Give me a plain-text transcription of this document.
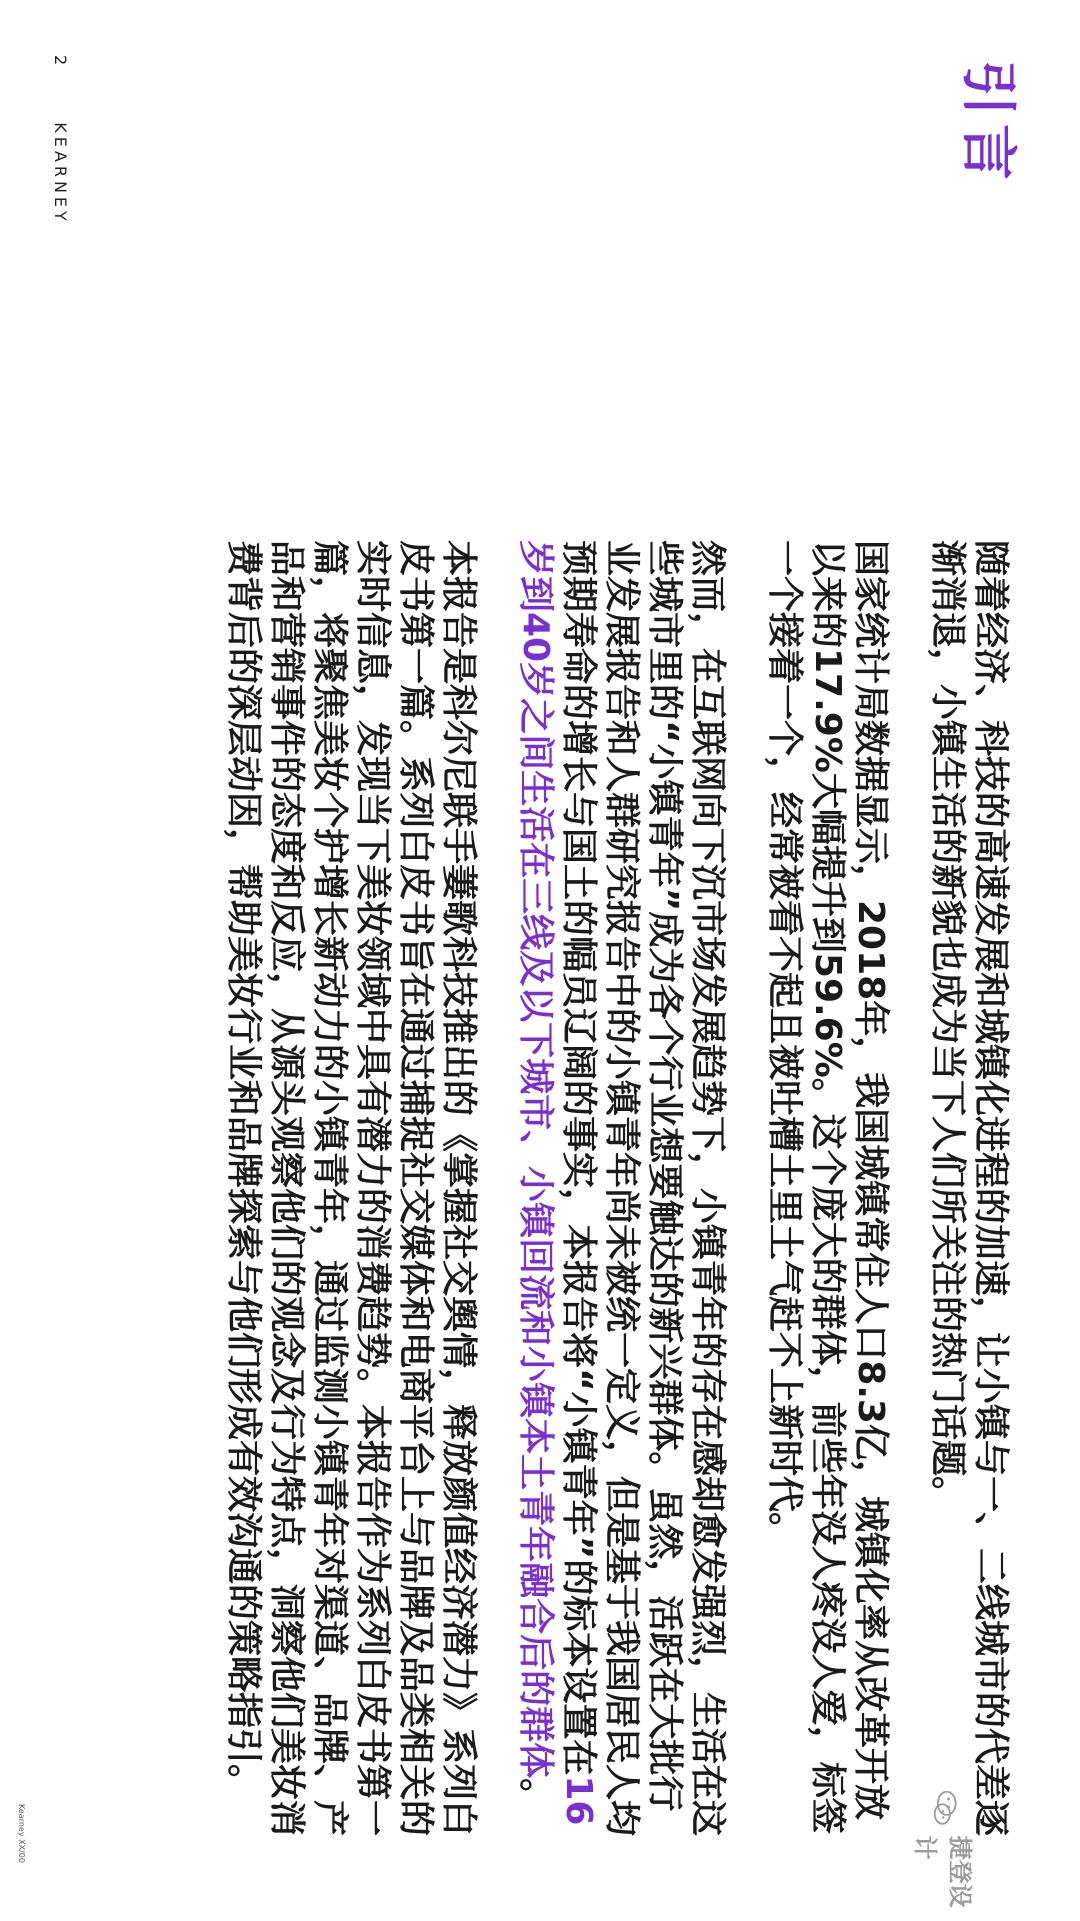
引言
2 KEARNEY

随着经济、科技的高速发展和城镇化进程的加速，让小镇与一、二线城市的代差逐渐消退，小镇生活的新貌也成为当下人们所关注的热门话题。

国家统计局数据显示，2018年，我国城镇常住人口8.3亿，城镇化率从改革开放以来的17.9%大幅提升到59.6%。这个庞大的群体，前些年没人疼没人爱，标签一个接着一个，经常被看不起且被吐槽土里土气赶不上新时代。

然而，在互联网向下沉市场发展趋势下，小镇青年的存在感却愈发强烈，生活在这些城市里的“小镇青年”成为各个行业想要触达的新兴群体。虽然，活跃在大批行业发展报告和人群研究报告中的小镇青年尚未被统一定义，但是基于我国居民人均预期寿命的增长与国土的幅员辽阔的事实，本报告将“小镇青年”的标本设置在16岁到40岁之间生活在三线及以下城市、小镇回流和小镇本土青年融合后的群体。

本报告是科尔尼联手萋歌科技推出的《掌握社交舆情，释放颜值经济潜力》系列白皮书第一篇。系列白皮书旨在通过捕捉社交媒体和电商平台上与品牌及品类相关的实时信息，发现当下美妆领域中具有潜力的消费趋势。本报告作为系列白皮书第一篇，将聚焦美妆个护增长新动力的小镇青年，通过监测小镇青年对渠道、品牌、产品和营销事件的态度和反应，从源头观察他们的观念及行为特点，洞察他们美妆消费背后的深层动因，帮助美妆行业和品牌探索与他们形成有效沟通的策略指引。

捷登设计
Kearney XX/00
